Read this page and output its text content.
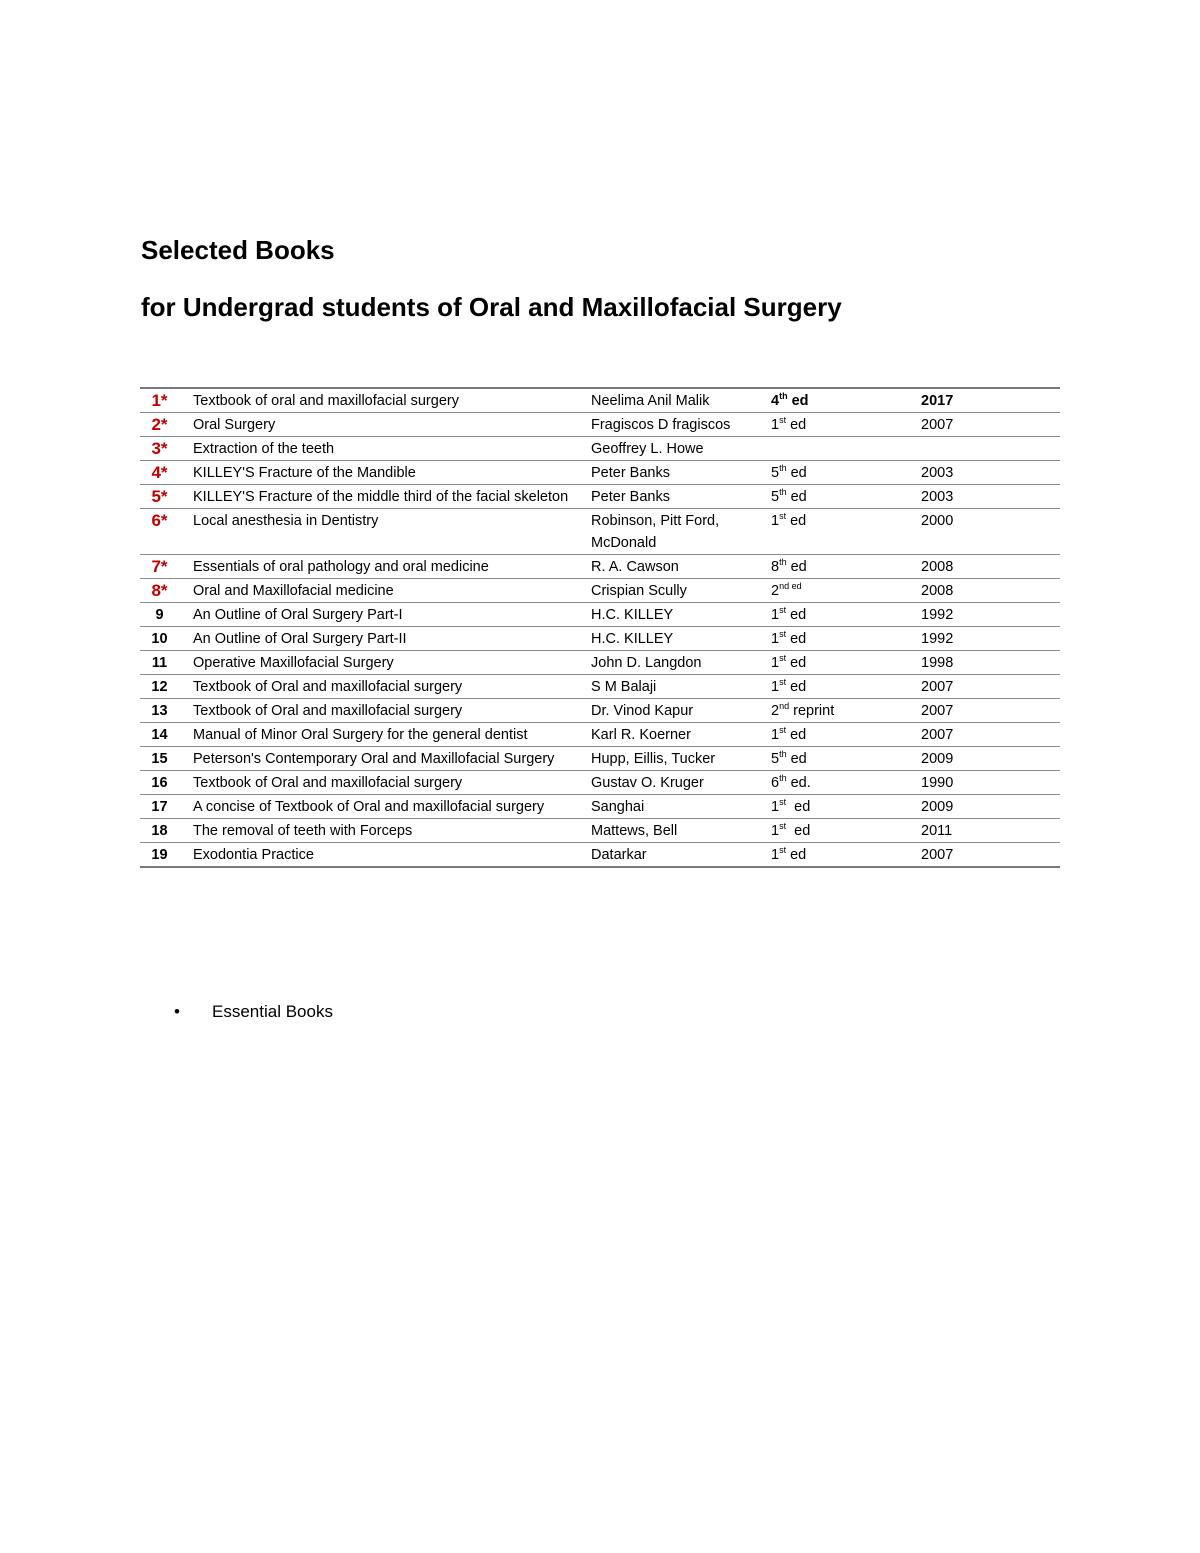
Selected Books
for Undergrad students of Oral and Maxillofacial Surgery
1*	Textbook of oral and maxillofacial surgery	Neelima Anil Malik	4th ed	2017
2*	Oral Surgery	Fragiscos D fragiscos	1st ed	2007
3*	Extraction of the teeth	Geoffrey L. Howe		
4*	KILLEY'S Fracture of the Mandible	Peter Banks	5th ed	2003
5*	KILLEY'S Fracture of the middle third of the facial skeleton	Peter Banks	5th ed	2003
6*	Local anesthesia in Dentistry	Robinson, Pitt Ford, McDonald	1st ed	2000
7*	Essentials of oral pathology and oral medicine	R. A. Cawson	8th ed	2008
8*	Oral and Maxillofacial medicine	Crispian Scully	$2^{nd ed}$	2008
9	An Outline of Oral Surgery Part-I	H.C. KILLEY	1st ed	1992
10	An Outline of Oral Surgery Part-II	H.C. KILLEY	1st ed	1992
11	Operative Maxillofacial Surgery	John D. Langdon	1st ed	1998
12	Textbook of Oral and maxillofacial surgery	S M Balaji	1st ed	2007
13	Textbook of Oral and maxillofacial surgery	Dr. Vinod Kapur	2nd reprint	2007
14	Manual of Minor Oral Surgery for the general dentist	Karl R. Koerner	1st ed	2007
15	Peterson's Contemporary Oral and Maxillofacial Surgery	Hupp, Eillis, Tucker	5th ed	2009
16	Textbook of Oral and maxillofacial surgery	Gustav O. Kruger	6th ed.	1990
17	A concise of Textbook of Oral and maxillofacial surgery	Sanghai	1st  ed	2009
18	The removal of teeth with Forceps	Mattews, Bell	1st  ed	2011
19	Exodontia Practice	Datarkar	1st ed	2007
• Essential Books
